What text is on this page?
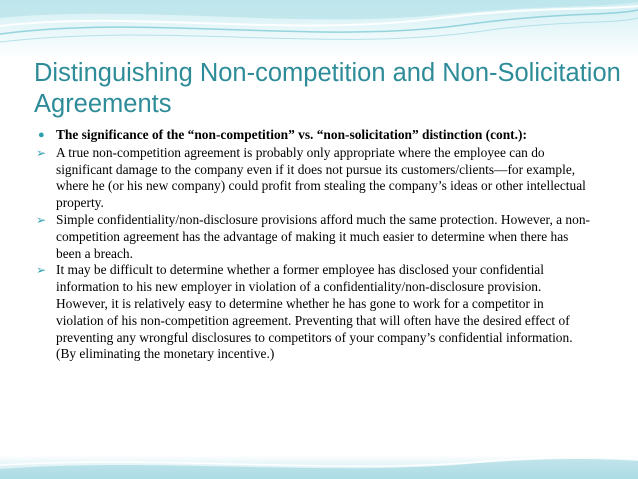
Distinguishing Non-competition and Non-Solicitation Agreements
● The significance of the “non-competition” vs. “non-solicitation” distinction (cont.):
➢ A true non-competition agreement is probably only appropriate where the employee can do significant damage to the company even if it does not pursue its customers/clients—for example, where he (or his new company) could profit from stealing the company’s ideas or other intellectual property.
➢ Simple confidentiality/non-disclosure provisions afford much the same protection. However, a non-competition agreement has the advantage of making it much easier to determine when there has been a breach.
➢ It may be difficult to determine whether a former employee has disclosed your confidential information to his new employer in violation of a confidentiality/non-disclosure provision. However, it is relatively easy to determine whether he has gone to work for a competitor in violation of his non-competition agreement. Preventing that will often have the desired effect of preventing any wrongful disclosures to competitors of your company’s confidential information. (By eliminating the monetary incentive.)
